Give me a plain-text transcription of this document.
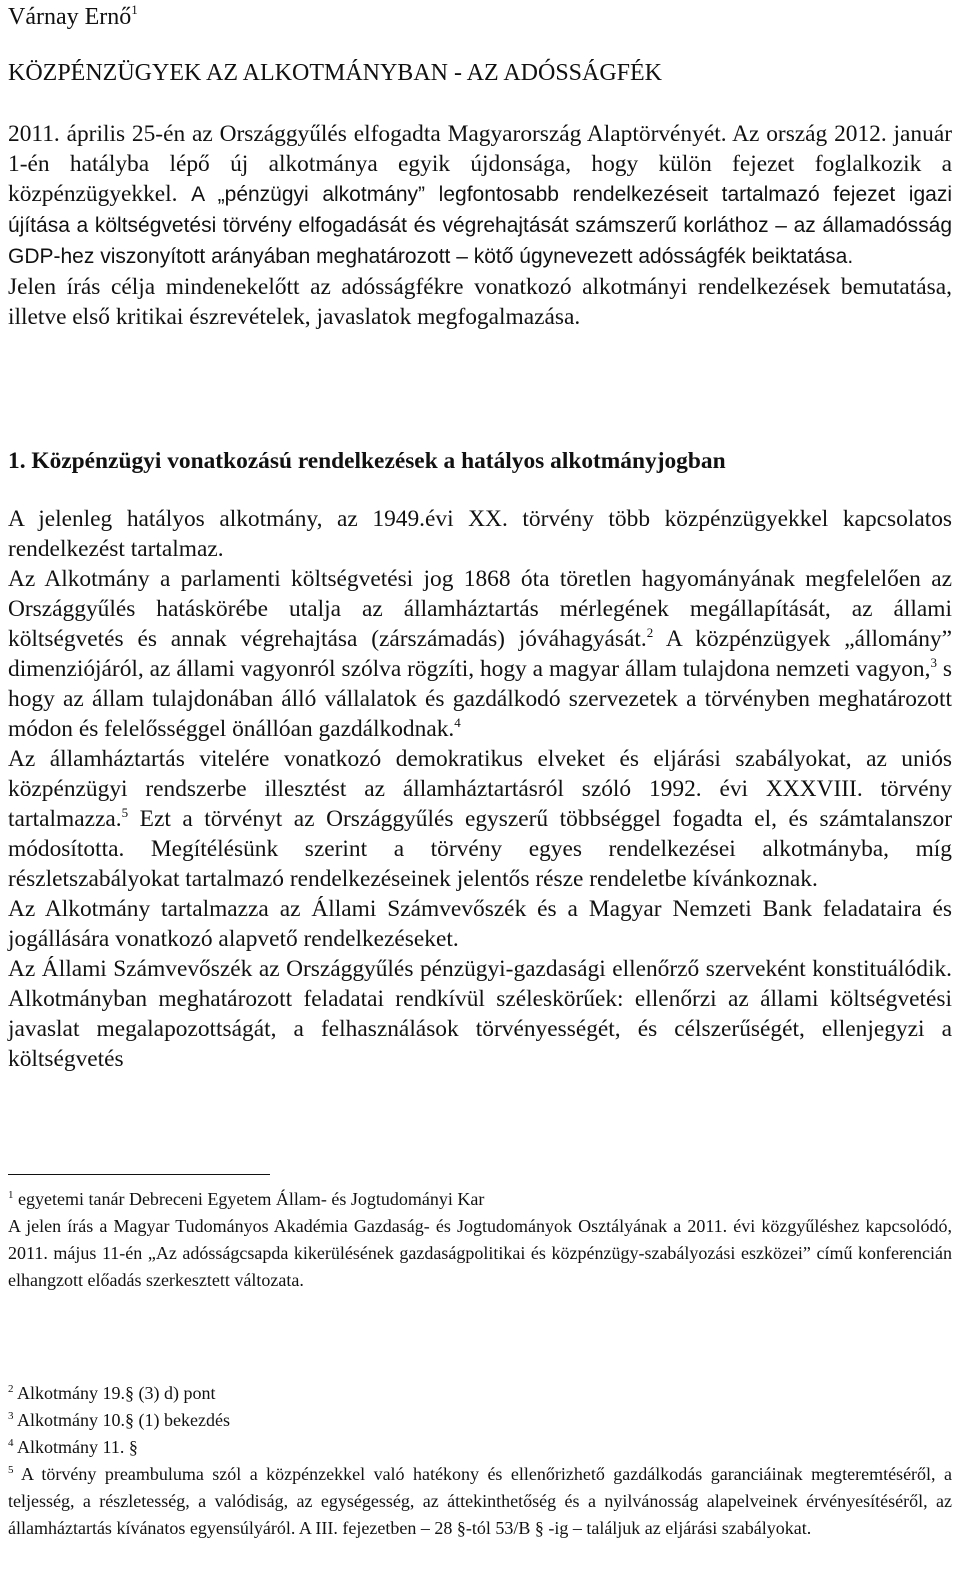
Várnay Ernő$^1$
KÖZPÉNZÜGYEK AZ ALKOTMÁNYBAN - AZ ADÓSSÁGFÉK

2011. április 25-én az Országgyűlés elfogadta Magyarország Alaptörvényét. Az ország 2012. január 1-én hatályba lépő új alkotmánya egyik újdonsága, hogy külön fejezet foglalkozik a közpénzügyekkel. A „pénzügyi alkotmány” legfontosabb rendelkezéseit tartalmazó fejezet igazi újítása a költségvetési törvény elfogadását és végrehajtását számszerű korláthoz – az államadósság GDP-hez viszonyított arányában meghatározott – kötő úgynevezett adósságfék beiktatása.

Jelen írás célja mindenekelőtt az adósságfékre vonatkozó alkotmányi rendelkezések bemutatása, illetve első kritikai észrevételek, javaslatok megfogalmazása.

1. Közpénzügyi vonatkozású rendelkezések a hatályos alkotmányjogban

A jelenleg hatályos alkotmány, az 1949.évi XX. törvény több közpénzügyekkel kapcsolatos rendelkezést tartalmaz.

Az Alkotmány a parlamenti költségvetési jog 1868 óta töretlen hagyományának megfelelően az Országgyűlés hatáskörébe utalja az államháztartás mérlegének megállapítását, az állami költségvetés és annak végrehajtása (zárszámadás) jóváhagyását.$^2$ A közpénzügyek „állomány” dimenziójáról, az állami vagyonról szólva rögzíti, hogy a magyar állam tulajdona nemzeti vagyon,$^3$ s hogy az állam tulajdonában álló vállalatok és gazdálkodó szervezetek a törvényben meghatározott módon és felelősséggel önállóan gazdálkodnak.$^4$

Az államháztartás vitelére vonatkozó demokratikus elveket és eljárási szabályokat, az uniós közpénzügyi rendszerbe illesztést az államháztartásról szóló 1992. évi XXXVIII. törvény tartalmazza.$^5$ Ezt a törvényt az Országgyűlés egyszerű többséggel fogadta el, és számtalanszor módosította. Megítélésünk szerint a törvény egyes rendelkezései alkotmányba, míg részletszabályokat tartalmazó rendelkezéseinek jelentős része rendeletbe kívánkoznak.

Az Alkotmány tartalmazza az Állami Számvevőszék és a Magyar Nemzeti Bank feladataira és jogállására vonatkozó alapvető rendelkezéseket.

Az Állami Számvevőszék az Országgyűlés pénzügyi-gazdasági ellenőrző szerveként konstituálódik. Alkotmányban meghatározott feladatai rendkívül széleskörűek: ellenőrzi az állami költségvetési javaslat megalapozottságát, a felhasználások törvényességét, és célszerűségét, ellenjegyzi a költségvetés

$^1$ egyetemi tanár Debreceni Egyetem Állam- és Jogtudományi Kar
A jelen írás a Magyar Tudományos Akadémia Gazdaság- és Jogtudományok Osztályának a 2011. évi közgyűléshez kapcsolódó, 2011. május 11-én „Az adósságcsapda kikerülésének gazdaságpolitikai és közpénzügy-szabályozási eszközei” című konferencián elhangzott előadás szerkesztett változata.
$^2$ Alkotmány 19.§ (3) d) pont
$^3$ Alkotmány 10.§ (1) bekezdés
$^4$ Alkotmány 11. §
$^5$ A törvény preambuluma szól a közpénzekkel való hatékony és ellenőrizhető gazdálkodás garanciáinak megteremtéséről, a teljesség, a részletesség, a valódiság, az egységesség, az áttekinthetőség és a nyilvánosság alapelveinek érvényesítéséről, az államháztartás kívánatos egyensúlyáról. A III. fejezetben – 28 §-tól 53/B § -ig – találjuk az eljárási szabályokat.
